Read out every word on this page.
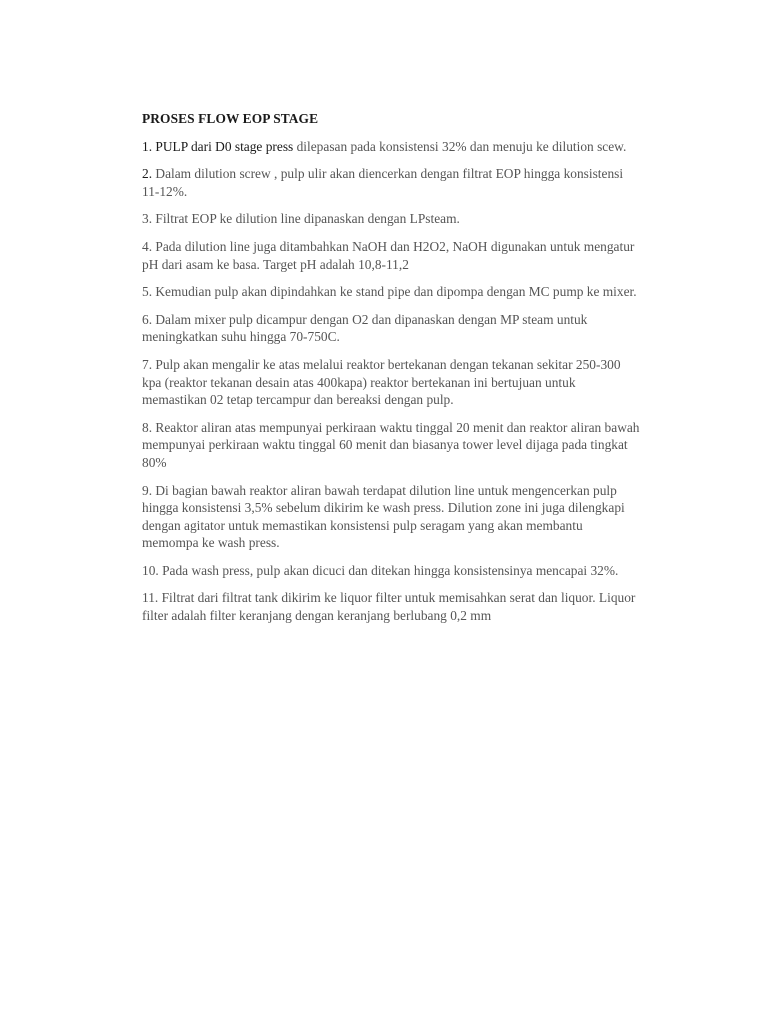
PROSES FLOW EOP STAGE

1. PULP dari D0 stage press dilepasan pada konsistensi 32% dan menuju ke dilution scew.

2. Dalam dilution screw , pulp ulir akan diencerkan dengan filtrat EOP hingga konsistensi 11-12%.

3. Filtrat EOP ke dilution line dipanaskan dengan LPsteam.

4. Pada dilution line juga ditambahkan NaOH dan H2O2, NaOH digunakan untuk mengatur pH dari asam ke basa. Target pH adalah 10,8-11,2

5. Kemudian pulp akan dipindahkan ke stand pipe dan dipompa dengan MC pump ke mixer.

6. Dalam mixer pulp dicampur dengan O2 dan dipanaskan dengan MP steam untuk meningkatkan suhu hingga 70-750C.

7. Pulp akan mengalir ke atas melalui reaktor bertekanan dengan tekanan sekitar 250-300 kpa (reaktor tekanan desain atas 400kapa) reaktor bertekanan ini bertujuan untuk memastikan 02 tetap tercampur dan bereaksi dengan pulp.

8. Reaktor aliran atas mempunyai perkiraan waktu tinggal 20 menit dan reaktor aliran bawah mempunyai perkiraan waktu tinggal 60 menit dan biasanya tower level dijaga pada tingkat 80%

9. Di bagian bawah reaktor aliran bawah terdapat dilution line untuk mengencerkan pulp hingga konsistensi 3,5% sebelum dikirim ke wash press. Dilution zone ini juga dilengkapi dengan agitator untuk memastikan konsistensi pulp seragam yang akan membantu memompa ke wash press.

10. Pada wash press, pulp akan dicuci dan ditekan hingga konsistensinya mencapai 32%.

11. Filtrat dari filtrat tank dikirim ke liquor filter untuk memisahkan serat dan liquor. Liquor filter adalah filter keranjang dengan keranjang berlubang 0,2 mm
